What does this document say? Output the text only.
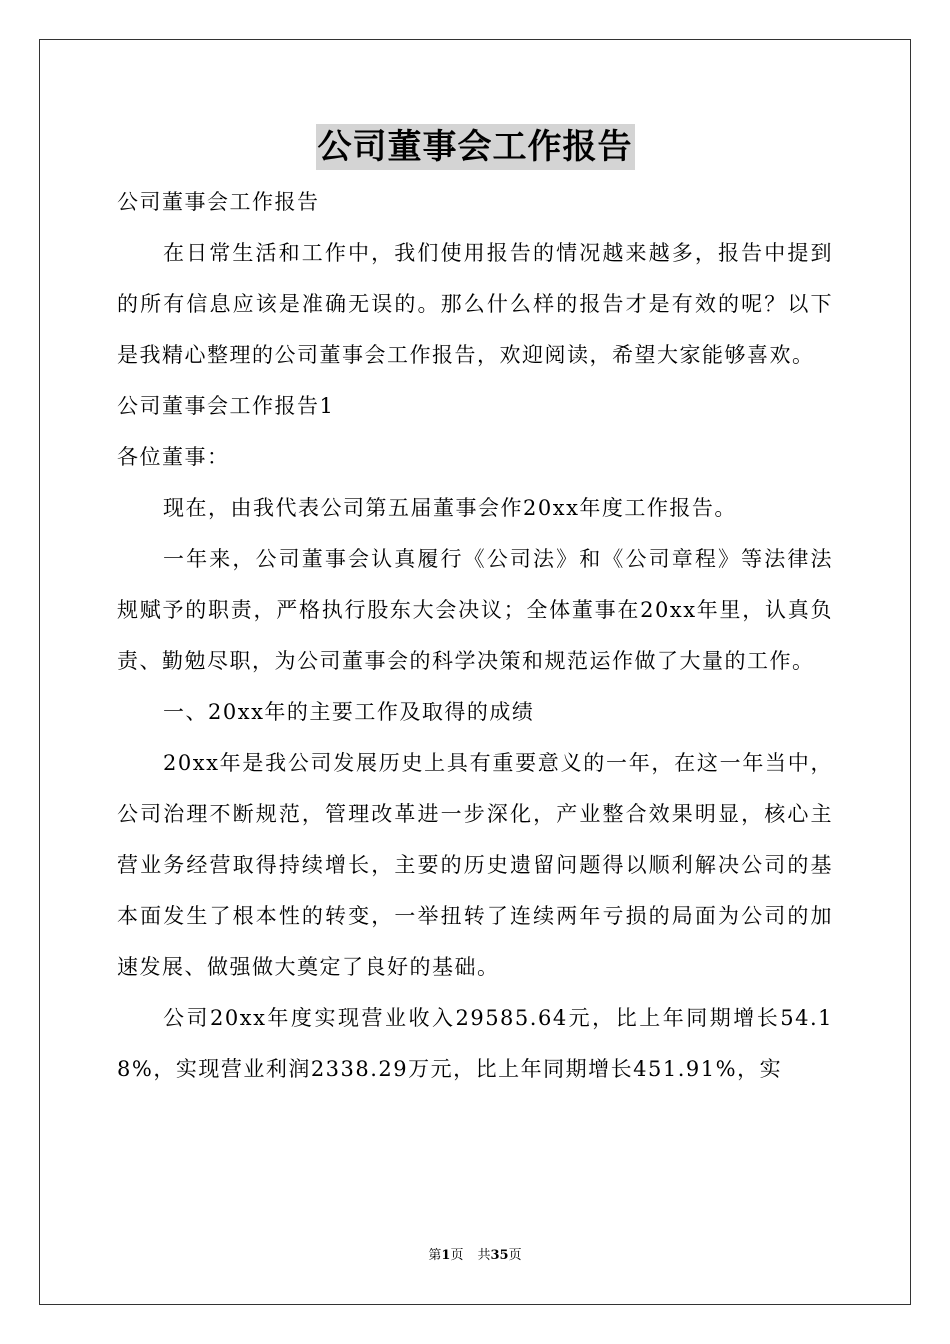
公司董事会工作报告

公司董事会工作报告

在日常生活和工作中，我们使用报告的情况越来越多，报告中提到的所有信息应该是准确无误的。那么什么样的报告才是有效的呢？以下是我精心整理的公司董事会工作报告，欢迎阅读，希望大家能够喜欢。

公司董事会工作报告1

各位董事：

现在，由我代表公司第五届董事会作20xx年度工作报告。

一年来，公司董事会认真履行《公司法》和《公司章程》等法律法规赋予的职责，严格执行股东大会决议；全体董事在20xx年里，认真负责、勤勉尽职，为公司董事会的科学决策和规范运作做了大量的工作。

一、20xx年的主要工作及取得的成绩

20xx年是我公司发展历史上具有重要意义的一年，在这一年当中，公司治理不断规范，管理改革进一步深化，产业整合效果明显，核心主营业务经营取得持续增长，主要的历史遗留问题得以顺利解决公司的基本面发生了根本性的转变，一举扭转了连续两年亏损的局面为公司的加速发展、做强做大奠定了良好的基础。

公司20xx年度实现营业收入29585.64元，比上年同期增长54.18%，实现营业利润2338.29万元，比上年同期增长451.91%，实

第1页 共35页
